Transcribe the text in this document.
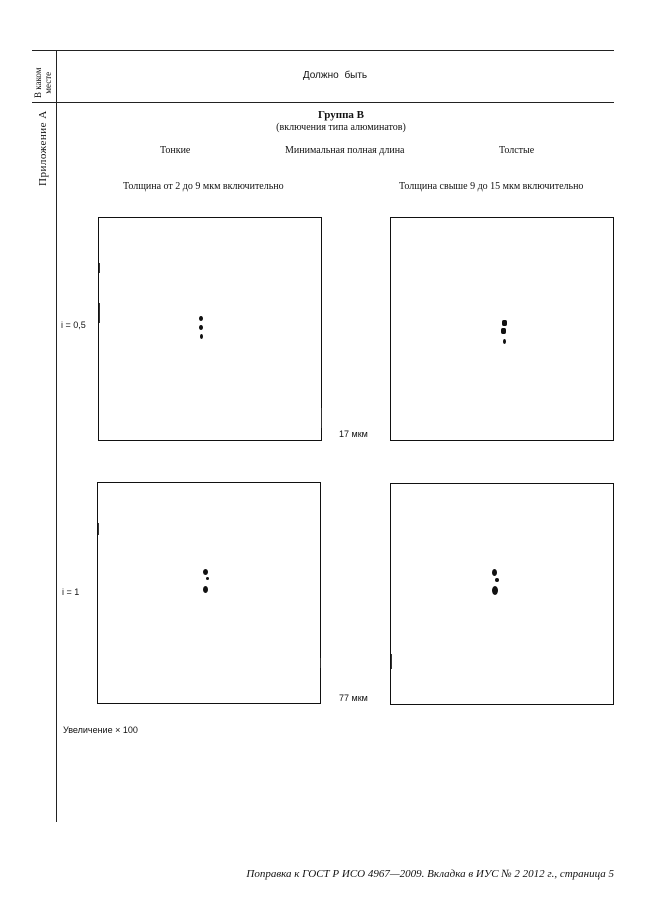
В каком месте
Приложение А
Должно быть
Группа В
(включения типа алюминатов)
Тонкие	Минимальная полная длина	Толстые
Толщина от 2 до 9 мкм включительно	Толщина свыше 9 до 15 мкм включительно
i = 0,5
17 мкм
i = 1
77 мкм
Увеличение × 100
Поправка к ГОСТ Р ИСО 4967—2009. Вкладка в ИУС № 2 2012 г., страница 5
